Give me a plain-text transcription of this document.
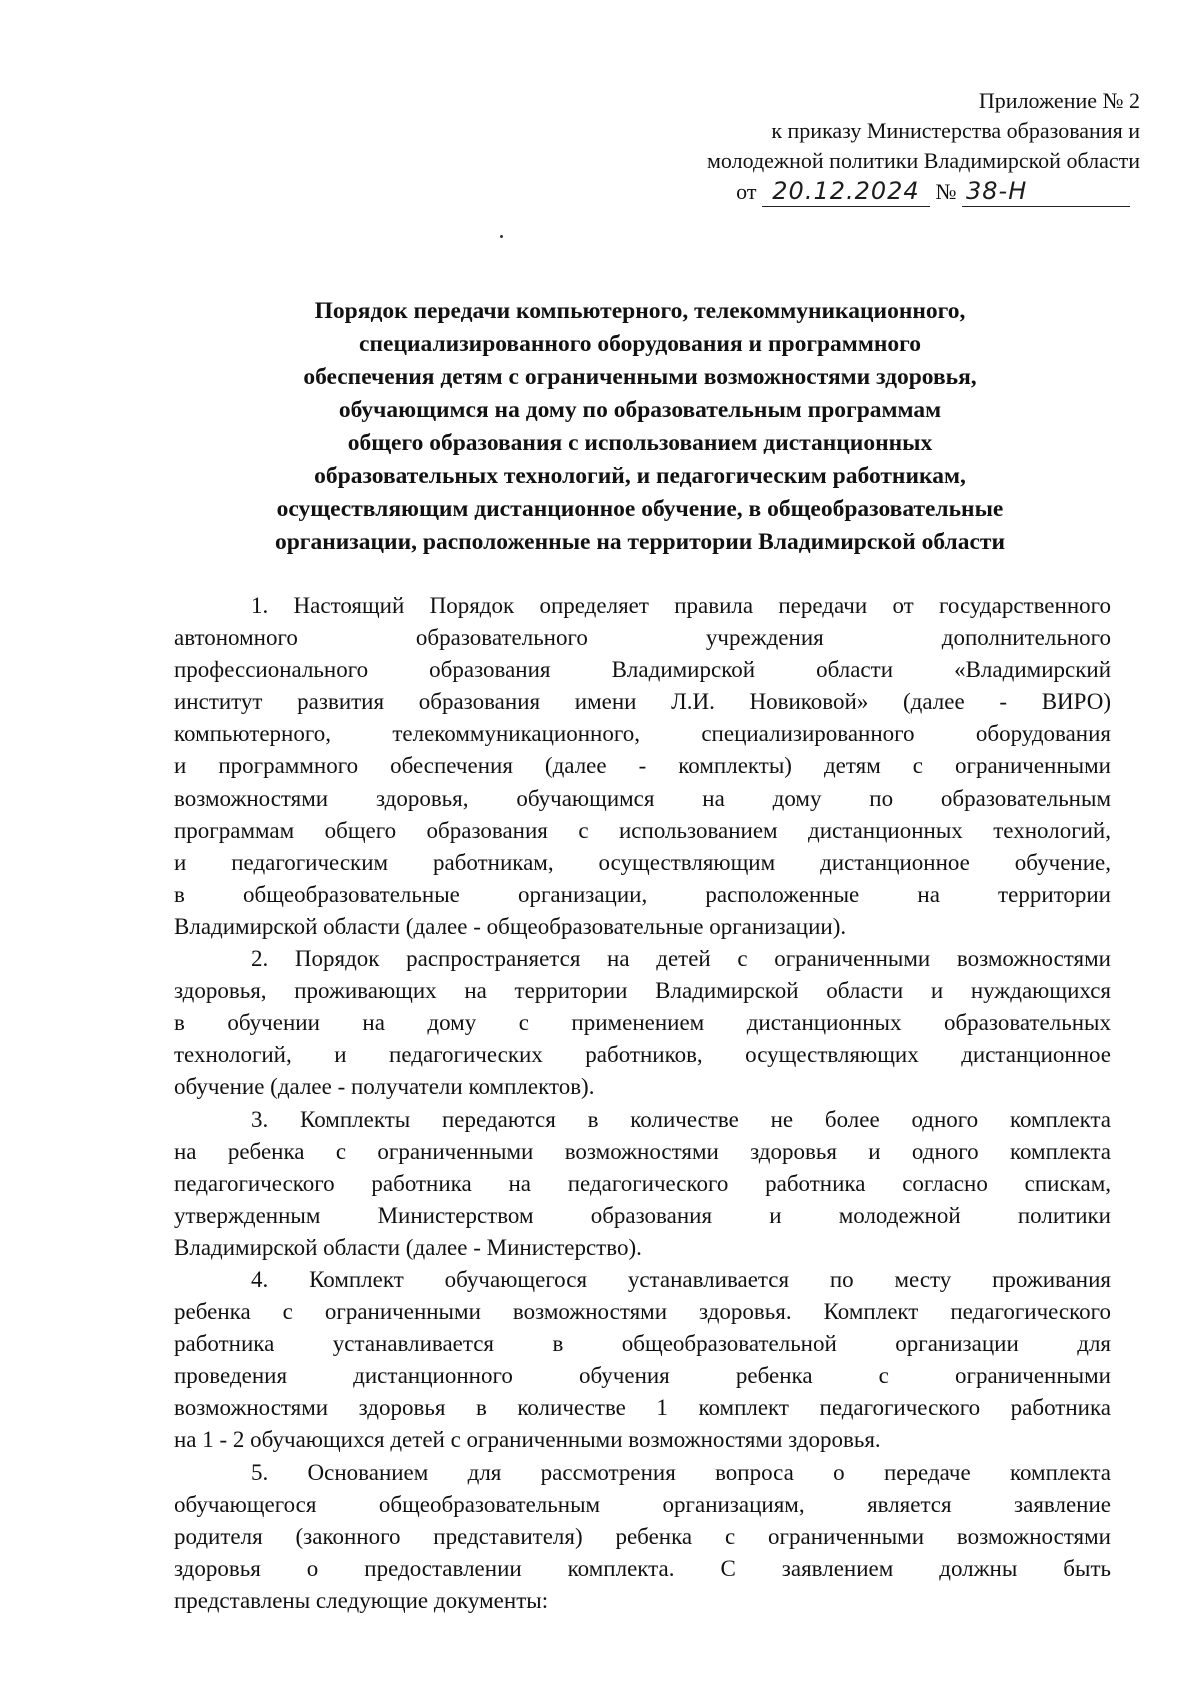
Приложение № 2
к приказу Министерства образования и
молодежной политики Владимирской области
от 20.12.2024 № 38-Н
Порядок передачи компьютерного, телекоммуникационного,
специализированного оборудования и программного
обеспечения детям с ограниченными возможностями здоровья,
обучающимся на дому по образовательным программам
общего образования с использованием дистанционных
образовательных технологий, и педагогическим работникам,
осуществляющим дистанционное обучение, в общеобразовательные
организации, расположенные на территории Владимирской области
1. Настоящий Порядок определяет правила передачи от государственного
автономного образовательного учреждения дополнительного
профессионального образования Владимирской области «Владимирский
институт развития образования имени Л.И. Новиковой» (далее - ВИРО)
компьютерного, телекоммуникационного, специализированного оборудования
и программного обеспечения (далее - комплекты) детям с ограниченными
возможностями здоровья, обучающимся на дому по образовательным
программам общего образования с использованием дистанционных технологий,
и педагогическим работникам, осуществляющим дистанционное обучение,
в общеобразовательные организации, расположенные на территории
Владимирской области (далее - общеобразовательные организации).
2. Порядок распространяется на детей с ограниченными возможностями
здоровья, проживающих на территории Владимирской области и нуждающихся
в обучении на дому с применением дистанционных образовательных
технологий, и педагогических работников, осуществляющих дистанционное
обучение (далее - получатели комплектов).
3. Комплекты передаются в количестве не более одного комплекта
на ребенка с ограниченными возможностями здоровья и одного комплекта
педагогического работника на педагогического работника согласно спискам,
утвержденным Министерством образования и молодежной политики
Владимирской области (далее - Министерство).
4. Комплект обучающегося устанавливается по месту проживания
ребенка с ограниченными возможностями здоровья. Комплект педагогического
работника устанавливается в общеобразовательной организации для
проведения дистанционного обучения ребенка с ограниченными
возможностями здоровья в количестве 1 комплект педагогического работника
на 1 - 2 обучающихся детей с ограниченными возможностями здоровья.
5. Основанием для рассмотрения вопроса о передаче комплекта
обучающегося общеобразовательным организациям, является заявление
родителя (законного представителя) ребенка с ограниченными возможностями
здоровья о предоставлении комплекта. С заявлением должны быть
представлены следующие документы:
